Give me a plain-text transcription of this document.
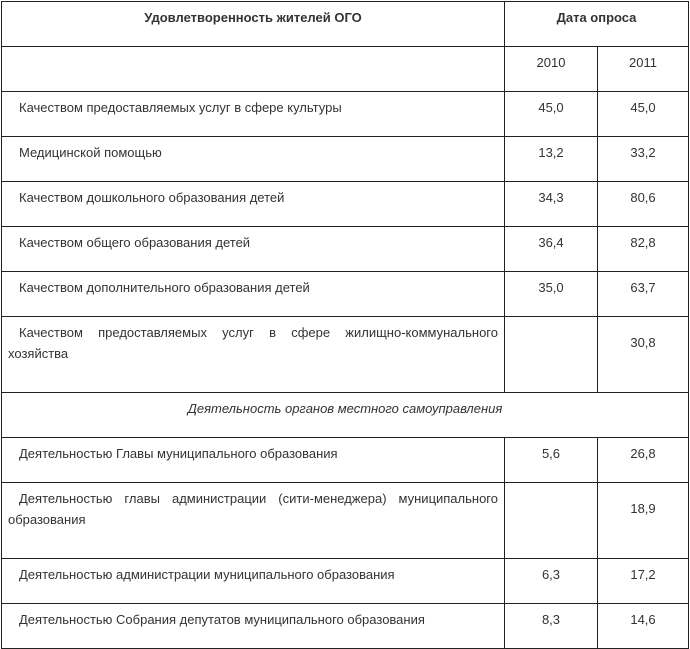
Удовлетворенность жителей ОГО	Дата опроса	
	2010	2011
Качеством предоставляемых услуг в сфере культуры	45,0	45,0
Медицинской помощью	13,2	33,2
Качеством дошкольного образования детей	34,3	80,6
Качеством общего образования детей	36,4	82,8
Качеством дополнительного образования детей	35,0	63,7
Качеством предоставляемых услуг в сфере жилищно-коммунального хозяйства		30,8
Деятельность органов местного самоуправления		
Деятельностью Главы муниципального образования	5,6	26,8
Деятельностью главы администрации (сити-менеджера) муниципального образования		18,9
Деятельностью администрации муниципального образования	6,3	17,2
Деятельностью Собрания депутатов муниципального образования	8,3	14,6
